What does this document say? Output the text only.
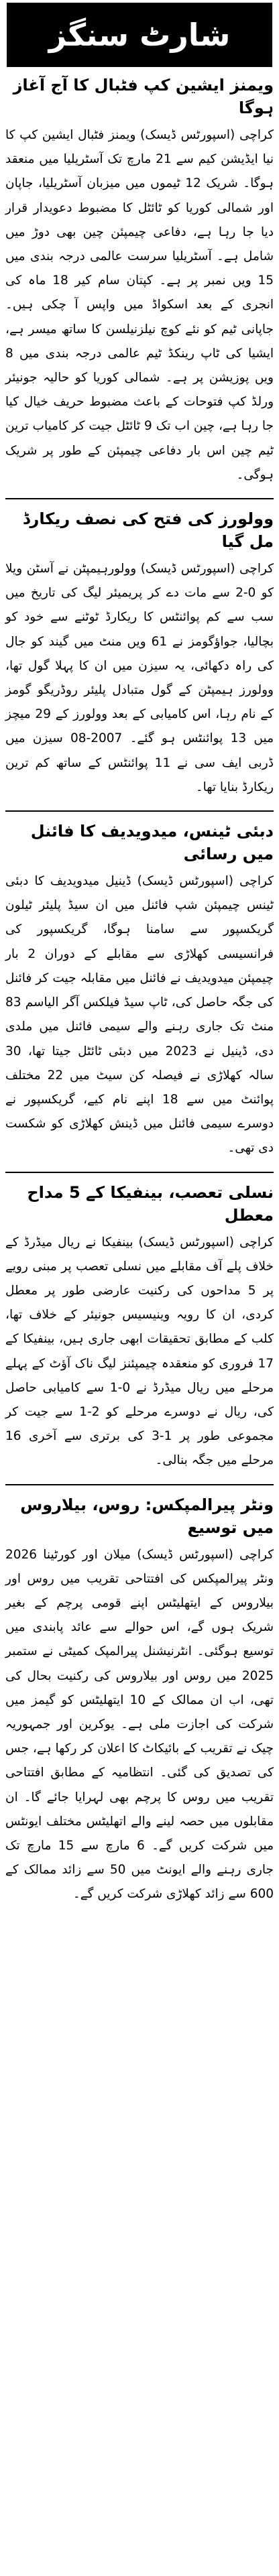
شارٹ سنگز
ویمنز ایشین کپ فٹبال کا آج آغاز ہوگا

کراچی (اسپورٹس ڈیسک) ویمنز فٹبال ایشین کپ کا نیا ایڈیشن کیم سے 21 مارچ تک آسٹریلیا میں منعقد ہوگا۔ شریک 12 ٹیموں میں میزبان آسٹریلیا، جاپان اور شمالی کوریا کو ٹائٹل کا مضبوط دعویدار قرار دیا جا رہا ہے، دفاعی چیمپئن چین بھی دوڑ میں شامل ہے۔ آسٹریلیا سرست عالمی درجہ بندی میں 15 ویں نمبر پر ہے۔ کپتان سام کیر 18 ماہ کی انجری کے بعد اسکواڈ میں واپس آ چکی ہیں۔ جاپانی ٹیم کو نئے کوچ نیلزنیلسن کا ساتھ میسر ہے، ایشیا کی ٹاپ رینکڈ ٹیم عالمی درجہ بندی میں 8 ویں پوزیشن پر ہے۔ شمالی کوریا کو حالیہ جونیئر ورلڈ کپ فتوحات کے باعث مضبوط حریف خیال کیا جا رہا ہے، چین اب تک 9 ٹائٹل جیت کر کامیاب ترین ٹیم چین اس بار دفاعی چیمپئن کے طور پر شریک ہوگی۔

وولورز کی فتح کی نصف ریکارڈ مل گیا

کراچی (اسپورٹس ڈیسک) وولورہیمپٹن نے آسٹن ویلا کو 0-2 سے مات دے کر پریمیئر لیگ کی تاریخ میں سب سے کم پوائنٹس کا ریکارڈ ٹوٹنے سے خود کو بچالیا، جواؤگومز نے 61 ویں منٹ میں گیند کو جال کی راہ دکھائی، یہ سیزن میں ان کا پہلا گول تھا، وولورز ہیمپٹن کے گول متبادل پلیئر روڈریگو گومز کے نام رہا، اس کامیابی کے بعد وولورز کے 29 میچز میں 13 پوائنٹس ہو گئے۔ 2007-08 سیزن میں ڈربی ایف سی نے 11 پوائنٹس کے ساتھ کم ترین ریکارڈ بنایا تھا۔

دبئی ٹینس، میدویدیف کا فائنل میں رسائی

کراچی (اسپورٹس ڈیسک) ڈینیل میدویدیف کا دبئی ٹینس چیمپئن شپ فائنل میں ان سیڈ پلیئر ٹیلون گریکسپور سے سامنا ہوگا، گریکسپور کی فرانسیسی کھلاڑی سے مقابلے کے دوران 2 بار چیمپئن میدویدیف نے فائنل میں مقابلہ جیت کر فائنل کی جگہ حاصل کی، ٹاپ سیڈ فیلکس آگر الیاسم 83 منٹ تک جاری رہنے والے سیمی فائنل میں ملدی دی، ڈینیل نے 2023 میں دبئی ٹائٹل جیتا تھا، 30 سالہ کھلاڑی نے فیصلہ کن سیٹ میں 22 مختلف پوائنٹ میں سے 18 اپنے نام کیے، گریکسپور نے دوسرے سیمی فائنل میں ڈینش کھلاڑی کو شکست دی تھی۔

نسلی تعصب، بینفیکا کے 5 مداح معطل

کراچی (اسپورٹس ڈیسک) بینفیکا نے ریال میڈرڈ کے خلاف پلے آف مقابلے میں نسلی تعصب پر مبنی رویے پر 5 مداحوں کی رکنیت عارضی طور پر معطل کردی، ان کا رویہ وینیسیس جونیئر کے خلاف تھا، کلب کے مطابق تحقیقات ابھی جاری ہیں، بینفیکا کے 17 فروری کو منعقدہ چیمپئنز لیگ ناک آؤٹ کے پہلے مرحلے میں ریال میڈرڈ نے 0-1 سے کامیابی حاصل کی، ریال نے دوسرے مرحلے کو 2-1 سے جیت کر مجموعی طور پر 1-3 کی برتری سے آخری 16 مرحلے میں جگہ بنالی۔

ونٹر پیرالمپکس: روس، بیلاروس میں توسیع

کراچی (اسپورٹس ڈیسک) میلان اور کورٹینا 2026 ونٹر پیرالمپکس کی افتتاحی تقریب میں روس اور بیلاروس کے ایتھلیٹس اپنے قومی پرچم کے بغیر شریک ہوں گے، اس حوالے سے عائد پابندی میں توسیع ہوگئی۔ انٹرنیشنل پیرالمپک کمیٹی نے ستمبر 2025 میں روس اور بیلاروس کی رکنیت بحال کی تھی، اب ان ممالک کے 10 ایتھلیٹس کو گیمز میں شرکت کی اجازت ملی ہے۔ یوکرین اور جمہوریہ چیک نے تقریب کے بائیکاٹ کا اعلان کر رکھا ہے، جس کی تصدیق کی گئی۔ انتظامیہ کے مطابق افتتاحی تقریب میں روس کا پرچم بھی لہرایا جائے گا۔ ان مقابلوں میں حصہ لینے والے اتھلیٹس مختلف ایونٹس میں شرکت کریں گے۔ 6 مارچ سے 15 مارچ تک جاری رہنے والے ایونٹ میں 50 سے زائد ممالک کے 600 سے زائد کھلاڑی شرکت کریں گے۔
